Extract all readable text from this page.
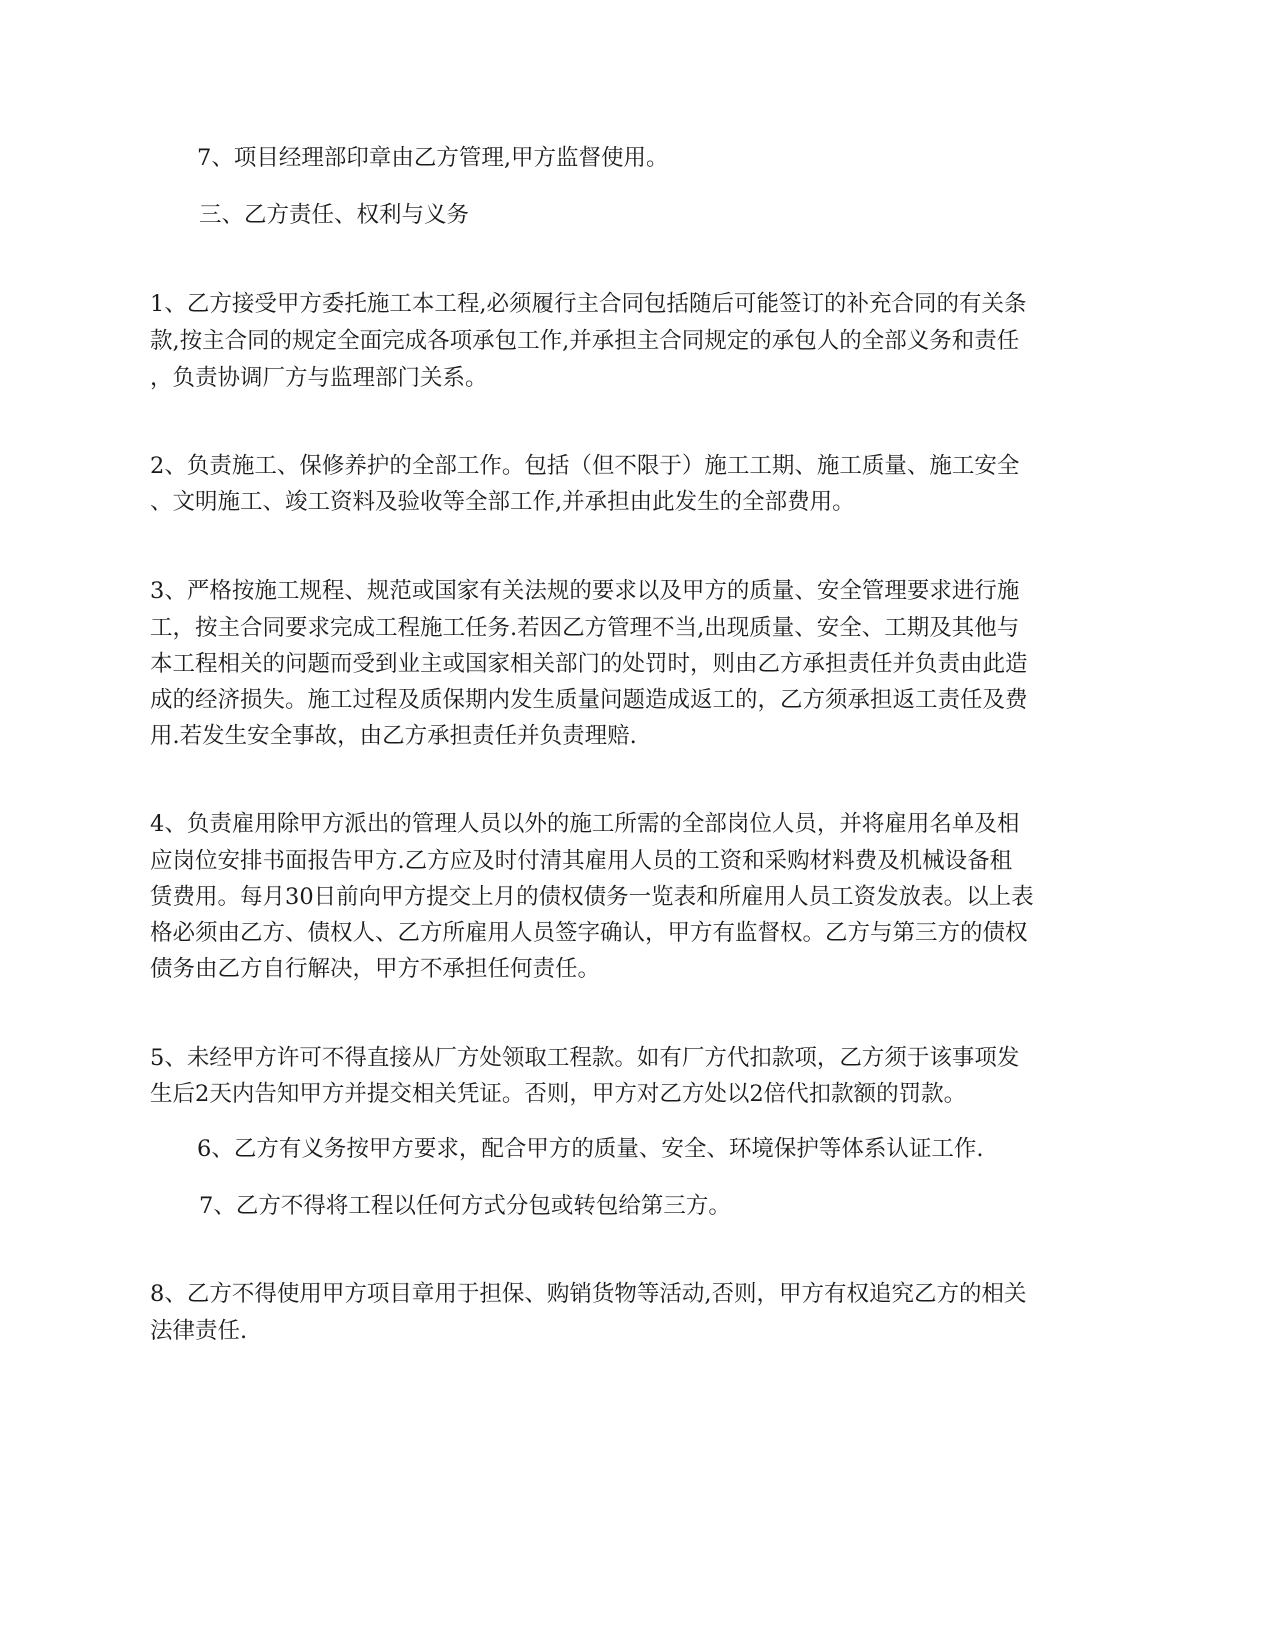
7、项目经理部印章由乙方管理,甲方监督使用。

三、乙方责任、权利与义务

1、乙方接受甲方委托施工本工程,必须履行主合同包括随后可能签订的补充合同的有关条

款,按主合同的规定全面完成各项承包工作,并承担主合同规定的承包人的全部义务和责任

，负责协调厂方与监理部门关系。

2、负责施工、保修养护的全部工作。包括（但不限于）施工工期、施工质量、施工安全

、文明施工、竣工资料及验收等全部工作,并承担由此发生的全部费用。

3、严格按施工规程、规范或国家有关法规的要求以及甲方的质量、安全管理要求进行施

工，按主合同要求完成工程施工任务.若因乙方管理不当,出现质量、安全、工期及其他与

本工程相关的问题而受到业主或国家相关部门的处罚时，则由乙方承担责任并负责由此造

成的经济损失。施工过程及质保期内发生质量问题造成返工的，乙方须承担返工责任及费

用.若发生安全事故，由乙方承担责任并负责理赔.

4、负责雇用除甲方派出的管理人员以外的施工所需的全部岗位人员，并将雇用名单及相

应岗位安排书面报告甲方.乙方应及时付清其雇用人员的工资和采购材料费及机械设备租

赁费用。每月30日前向甲方提交上月的债权债务一览表和所雇用人员工资发放表。以上表

格必须由乙方、债权人、乙方所雇用人员签字确认，甲方有监督权。乙方与第三方的债权

债务由乙方自行解决，甲方不承担任何责任。

5、未经甲方许可不得直接从厂方处领取工程款。如有厂方代扣款项，乙方须于该事项发

生后2天内告知甲方并提交相关凭证。否则，甲方对乙方处以2倍代扣款额的罚款。

6、乙方有义务按甲方要求，配合甲方的质量、安全、环境保护等体系认证工作.

7、乙方不得将工程以任何方式分包或转包给第三方。

8、乙方不得使用甲方项目章用于担保、购销货物等活动,否则，甲方有权追究乙方的相关

法律责任.
